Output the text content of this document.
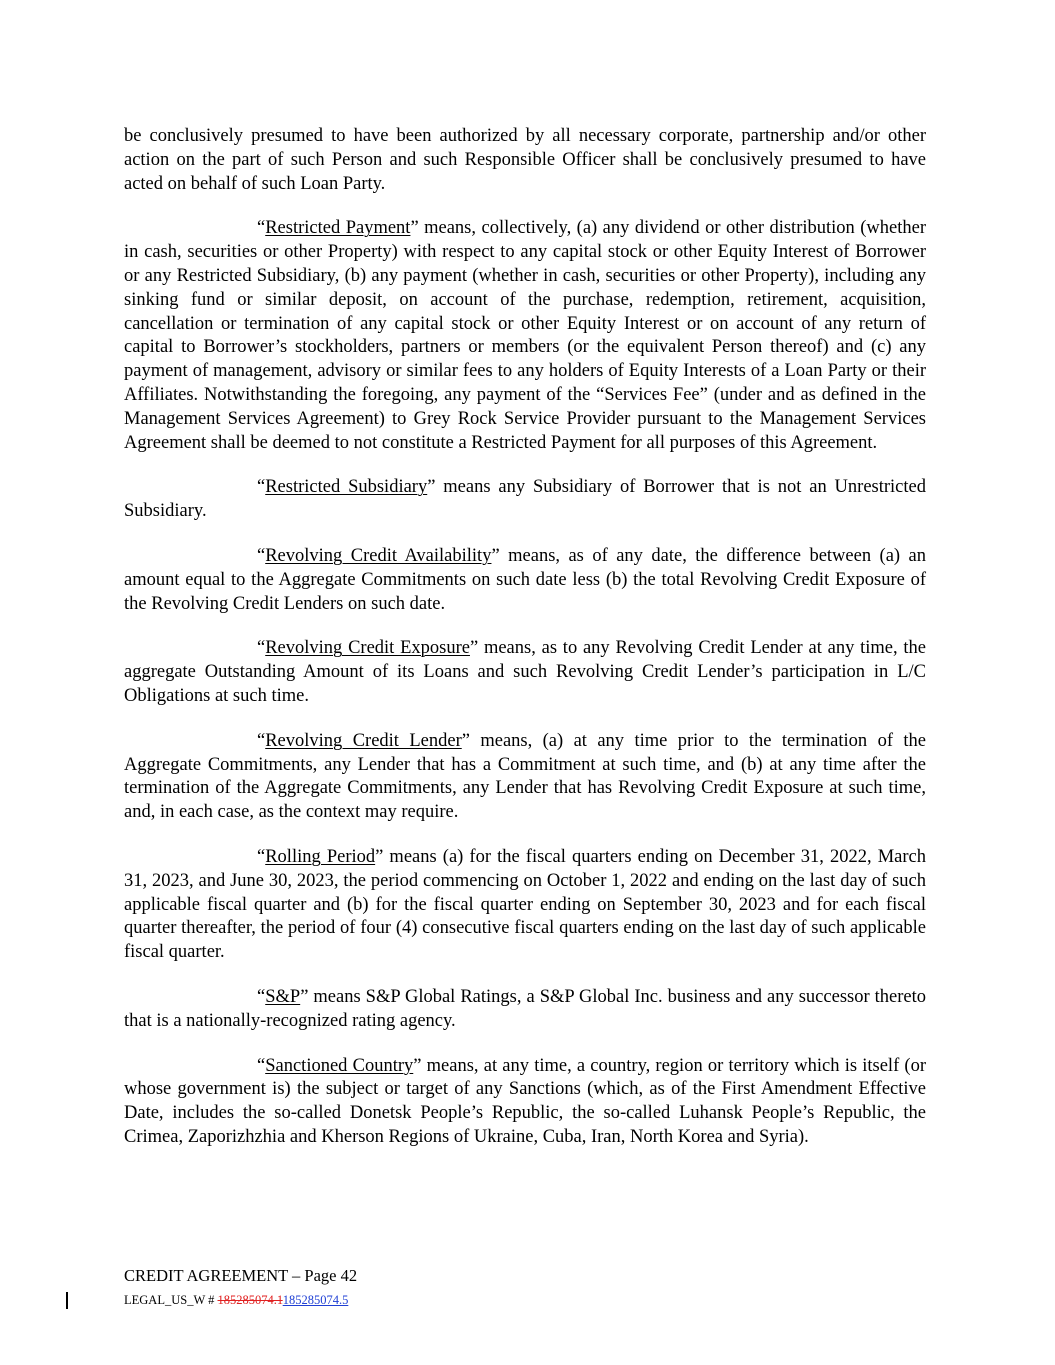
be conclusively presumed to have been authorized by all necessary corporate, partnership and/or other action on the part of such Person and such Responsible Officer shall be conclusively presumed to have acted on behalf of such Loan Party.

“Restricted Payment” means, collectively, (a) any dividend or other distribution (whether in cash, securities or other Property) with respect to any capital stock or other Equity Interest of Borrower or any Restricted Subsidiary, (b) any payment (whether in cash, securities or other Property), including any sinking fund or similar deposit, on account of the purchase, redemption, retirement, acquisition, cancellation or termination of any capital stock or other Equity Interest or on account of any return of capital to Borrower’s stockholders, partners or members (or the equivalent Person thereof) and (c) any payment of management, advisory or similar fees to any holders of Equity Interests of a Loan Party or their Affiliates. Notwithstanding the foregoing, any payment of the “Services Fee” (under and as defined in the Management Services Agreement) to Grey Rock Service Provider pursuant to the Management Services Agreement shall be deemed to not constitute a Restricted Payment for all purposes of this Agreement.

“Restricted Subsidiary” means any Subsidiary of Borrower that is not an Unrestricted Subsidiary.

“Revolving Credit Availability” means, as of any date, the difference between (a) an amount equal to the Aggregate Commitments on such date less (b) the total Revolving Credit Exposure of the Revolving Credit Lenders on such date.

“Revolving Credit Exposure” means, as to any Revolving Credit Lender at any time, the aggregate Outstanding Amount of its Loans and such Revolving Credit Lender’s participation in L/C Obligations at such time.

“Revolving Credit Lender” means, (a) at any time prior to the termination of the Aggregate Commitments, any Lender that has a Commitment at such time, and (b) at any time after the termination of the Aggregate Commitments, any Lender that has Revolving Credit Exposure at such time, and, in each case, as the context may require.

“Rolling Period” means (a) for the fiscal quarters ending on December 31, 2022, March 31, 2023, and June 30, 2023, the period commencing on October 1, 2022 and ending on the last day of such applicable fiscal quarter and (b) for the fiscal quarter ending on September 30, 2023 and for each fiscal quarter thereafter, the period of four (4) consecutive fiscal quarters ending on the last day of such applicable fiscal quarter.

“S&P” means S&P Global Ratings, a S&P Global Inc. business and any successor thereto that is a nationally-recognized rating agency.

“Sanctioned Country” means, at any time, a country, region or territory which is itself (or whose government is) the subject or target of any Sanctions (which, as of the First Amendment Effective Date, includes the so-called Donetsk People’s Republic, the so-called Luhansk People’s Republic, the Crimea, Zaporizhzhia and Kherson Regions of Ukraine, Cuba, Iran, North Korea and Syria).

CREDIT AGREEMENT – Page 42
LEGAL_US_W # 185285074.1185285074.5
